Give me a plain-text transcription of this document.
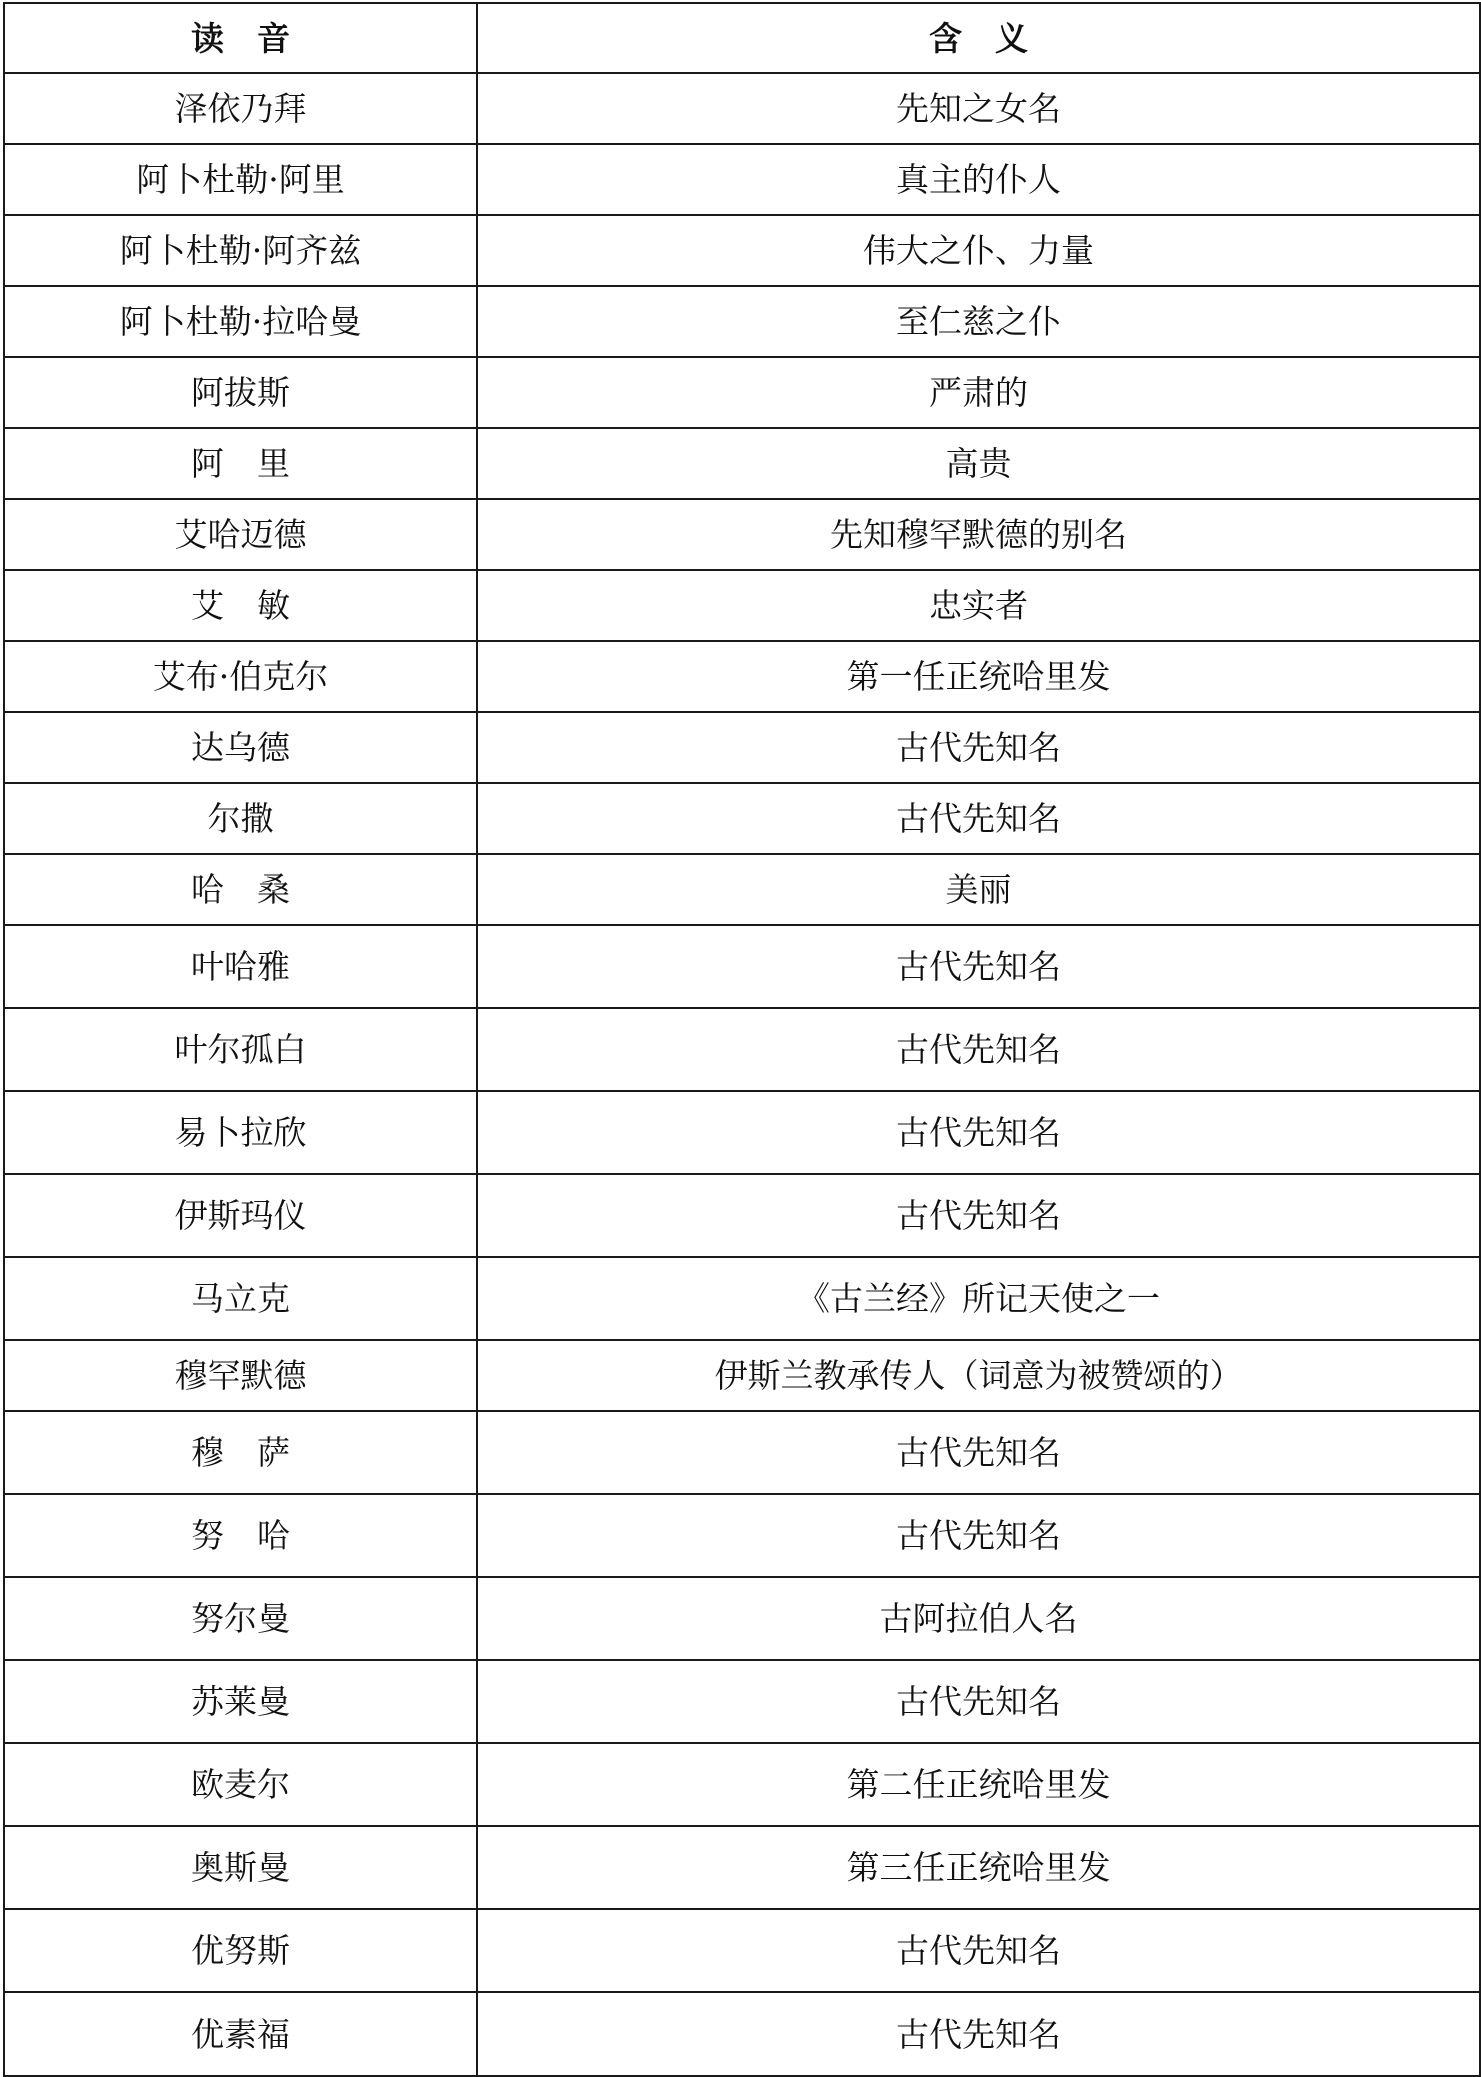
读　音	含　义
泽依乃拜	先知之女名
阿卜杜勒·阿里	真主的仆人
阿卜杜勒·阿齐兹	伟大之仆、力量
阿卜杜勒·拉哈曼	至仁慈之仆
阿拔斯	严肃的
阿　里	高贵
艾哈迈德	先知穆罕默德的别名
艾　敏	忠实者
艾布·伯克尔	第一任正统哈里发
达乌德	古代先知名
尔撒	古代先知名
哈　桑	美丽
叶哈雅	古代先知名
叶尔孤白	古代先知名
易卜拉欣	古代先知名
伊斯玛仪	古代先知名
马立克	《古兰经》所记天使之一
穆罕默德	伊斯兰教承传人（词意为被赞颂的）
穆　萨	古代先知名
努　哈	古代先知名
努尔曼	古阿拉伯人名
苏莱曼	古代先知名
欧麦尔	第二任正统哈里发
奥斯曼	第三任正统哈里发
优努斯	古代先知名
优素福	古代先知名
